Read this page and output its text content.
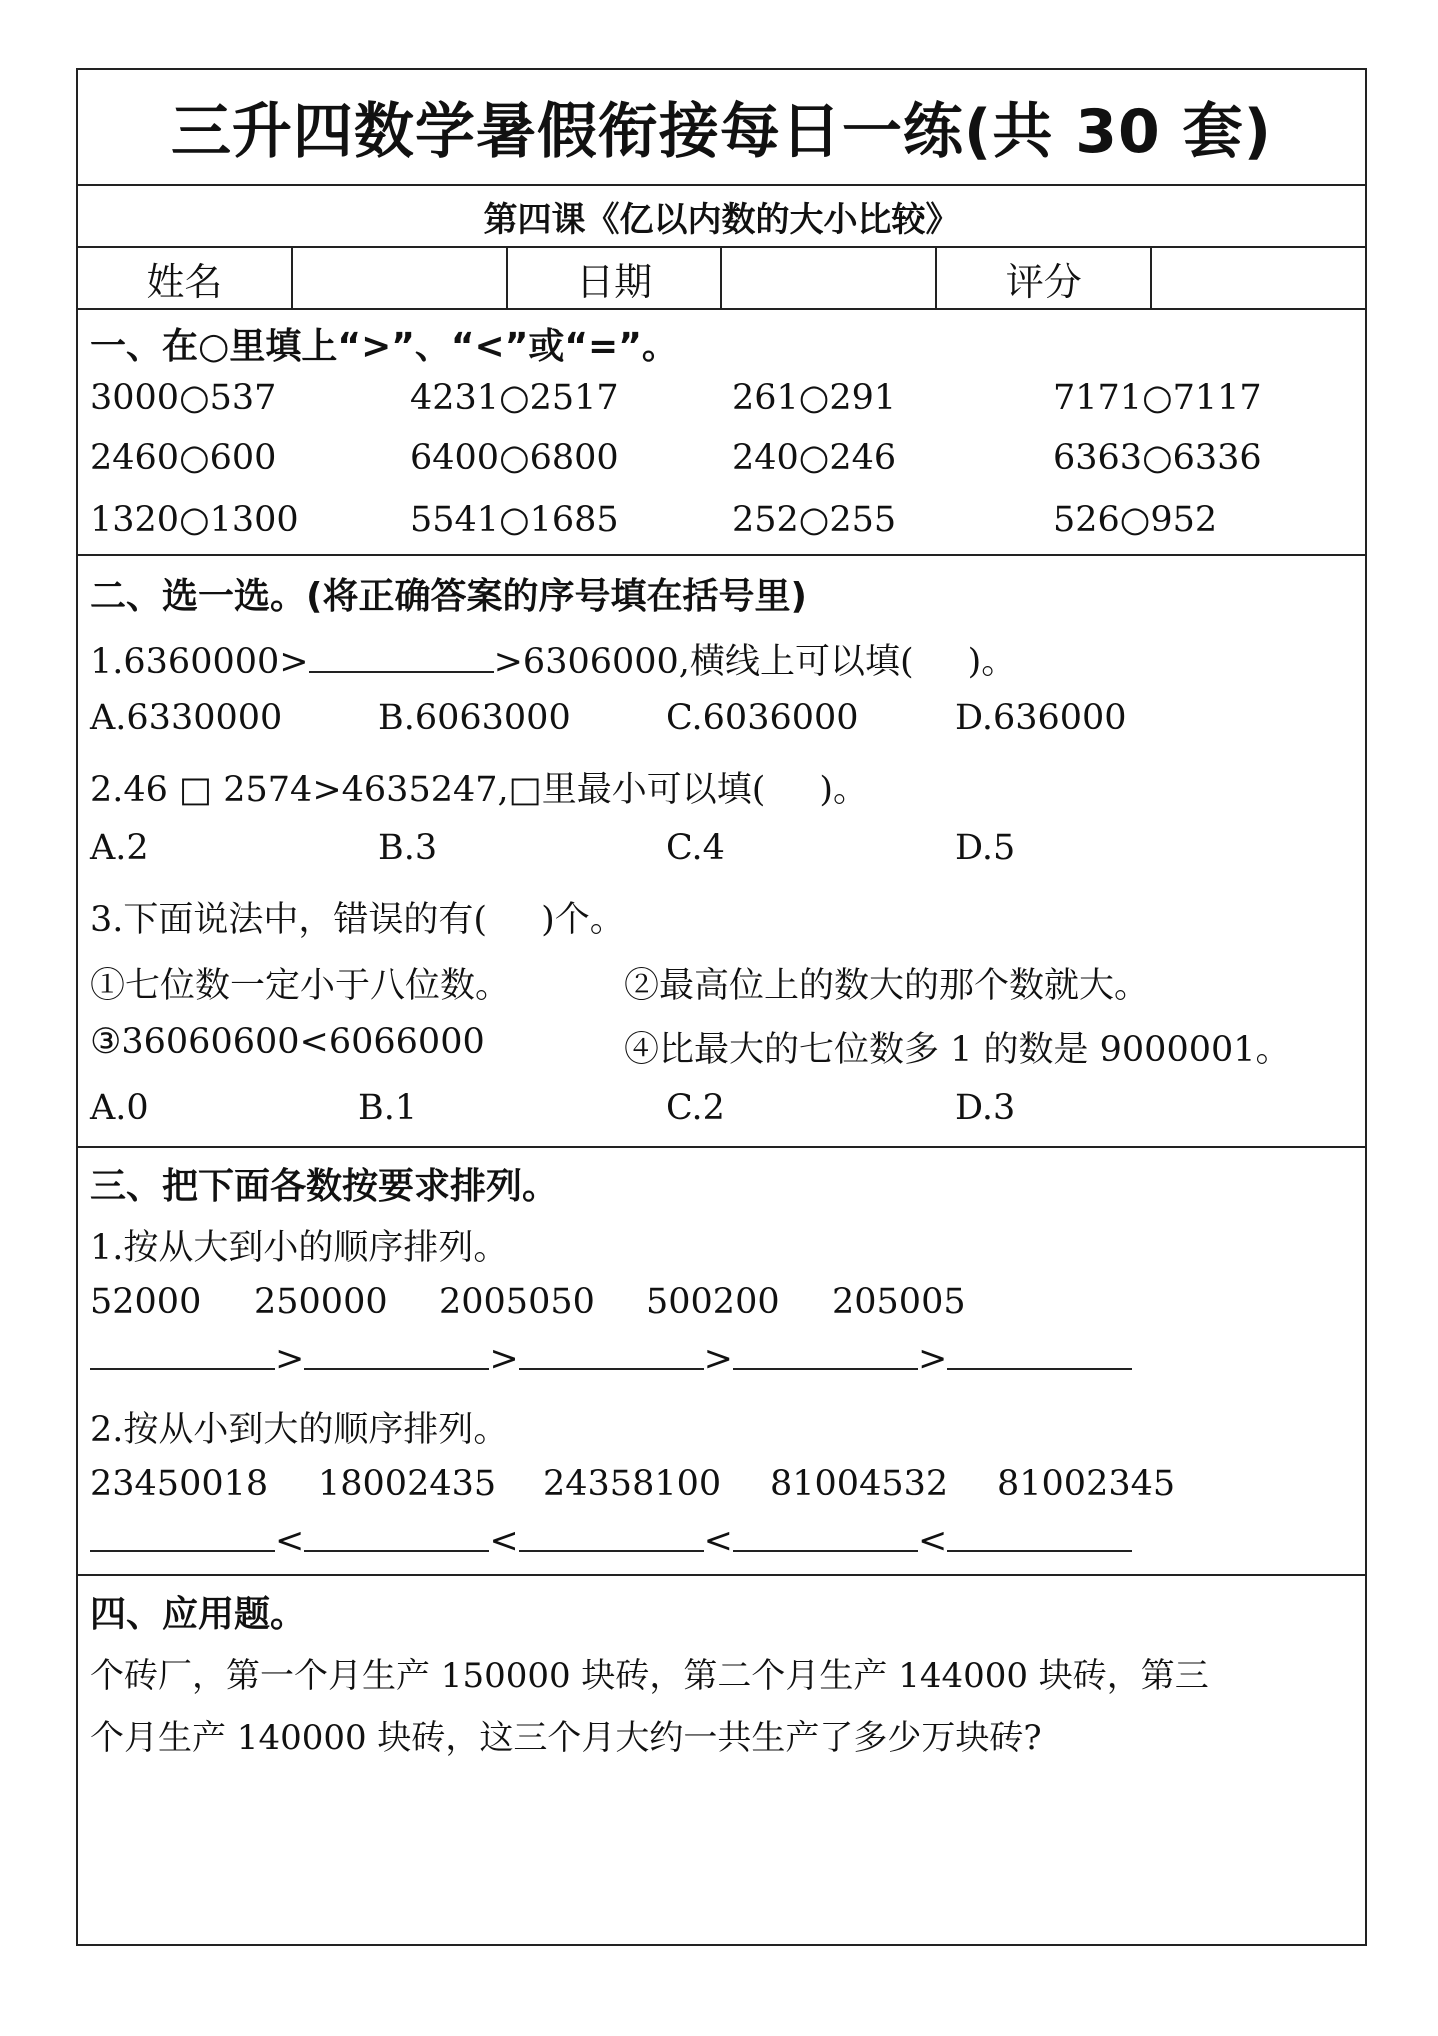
三升四数学暑假衔接每日一练(共 30 套)
第四课《亿以内数的大小比较》
姓名	日期	评分
一、在○里填上“>”、“<”或“=”。
3000○537	4231○2517	261○291	7171○7117
2460○600	6400○6800	240○246	6363○6336
1320○1300	5541○1685	252○255	526○952
二、选一选。(将正确答案的序号填在括号里)
1.6360000>	>6306000,横线上可以填( )。
A.6330000	B.6063000	C.6036000	D.636000
2.46 □ 2574>4635247,□里最小可以填( )。
A.2	B.3	C.4	D.5
3.下面说法中，错误的有( )个。
①七位数一定小于八位数。	②最高位上的数大的那个数就大。
③36060600<6066000	④比最大的七位数多 1 的数是 9000001。
A.0	B.1	C.2	D.3
三、把下面各数按要求排列。
1.按从大到小的顺序排列。
52000 250000 2005050 500200 205005
>	>	>	>
2.按从小到大的顺序排列。
23450018 18002435 24358100 81004532 81002345
<	<	<	<
四、应用题。
个砖厂，第一个月生产 150000 块砖，第二个月生产 144000 块砖，第三
个月生产 140000 块砖，这三个月大约一共生产了多少万块砖?
